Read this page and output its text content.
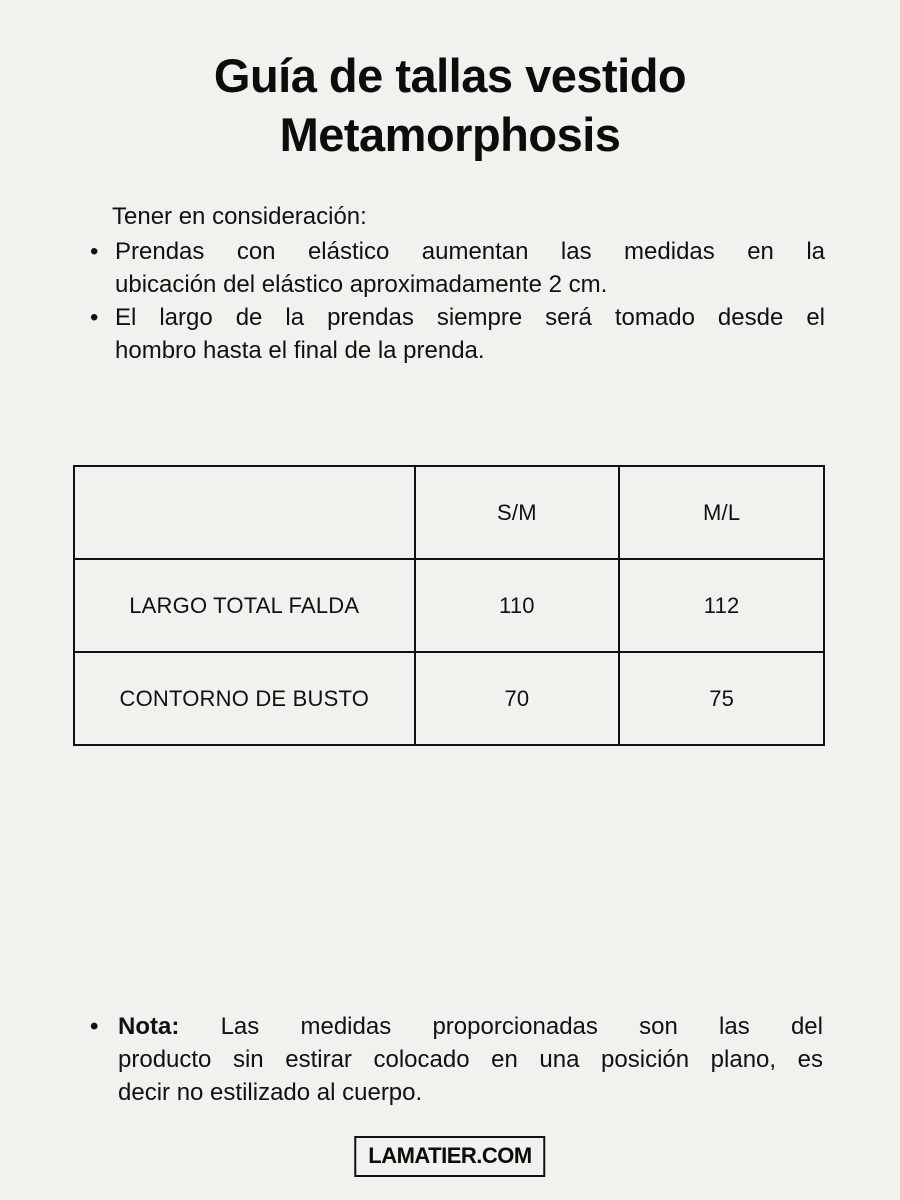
Guía de tallas vestido
Metamorphosis

Tener en consideración:

• Prendas con elástico aumentan las medidas en la
ubicación del elástico aproximadamente 2 cm.
• El largo de la prendas siempre será tomado desde el
hombro hasta el final de la prenda.
	S/M	M/L
LARGO TOTAL FALDA	110	112
CONTORNO DE BUSTO	70	75
• Nota: Las medidas proporcionadas son las del
producto sin estirar colocado en una posición plano, es
decir no estilizado al cuerpo.
LAMATIER.COM
